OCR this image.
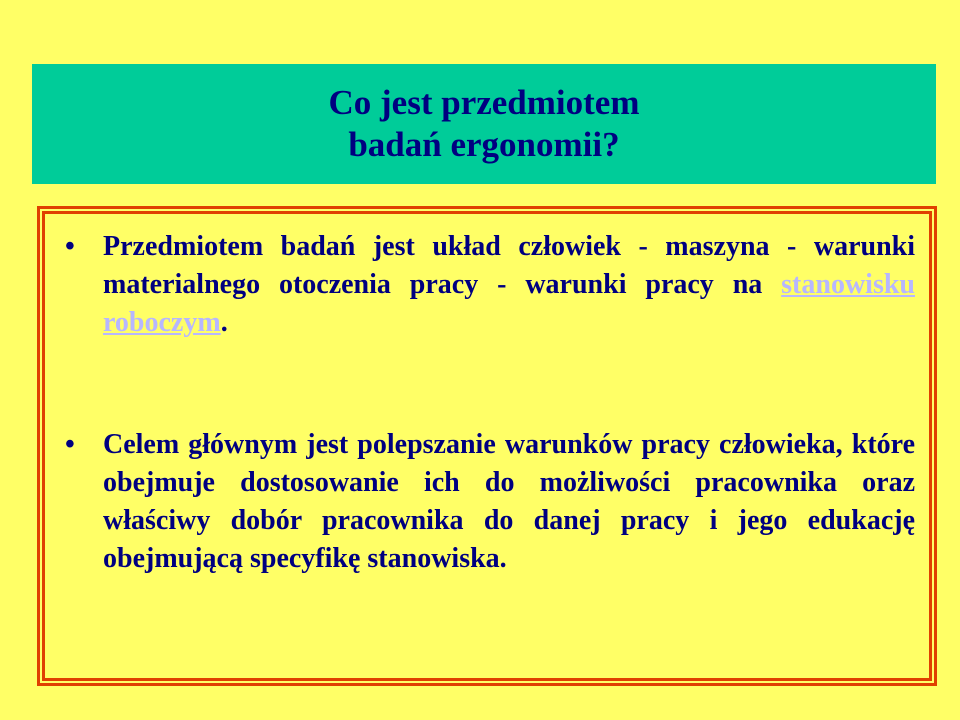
Co jest przedmiotem
badań ergonomii?
•	Przedmiotem badań jest układ człowiek - maszyna - warunki materialnego otoczenia pracy - warunki pracy na stanowisku roboczym.
•	Celem głównym jest polepszanie warunków pracy człowieka, które obejmuje dostosowanie ich do możliwości pracownika oraz właściwy dobór pracownika do danej pracy i jego edukację obejmującą specyfikę stanowiska.
